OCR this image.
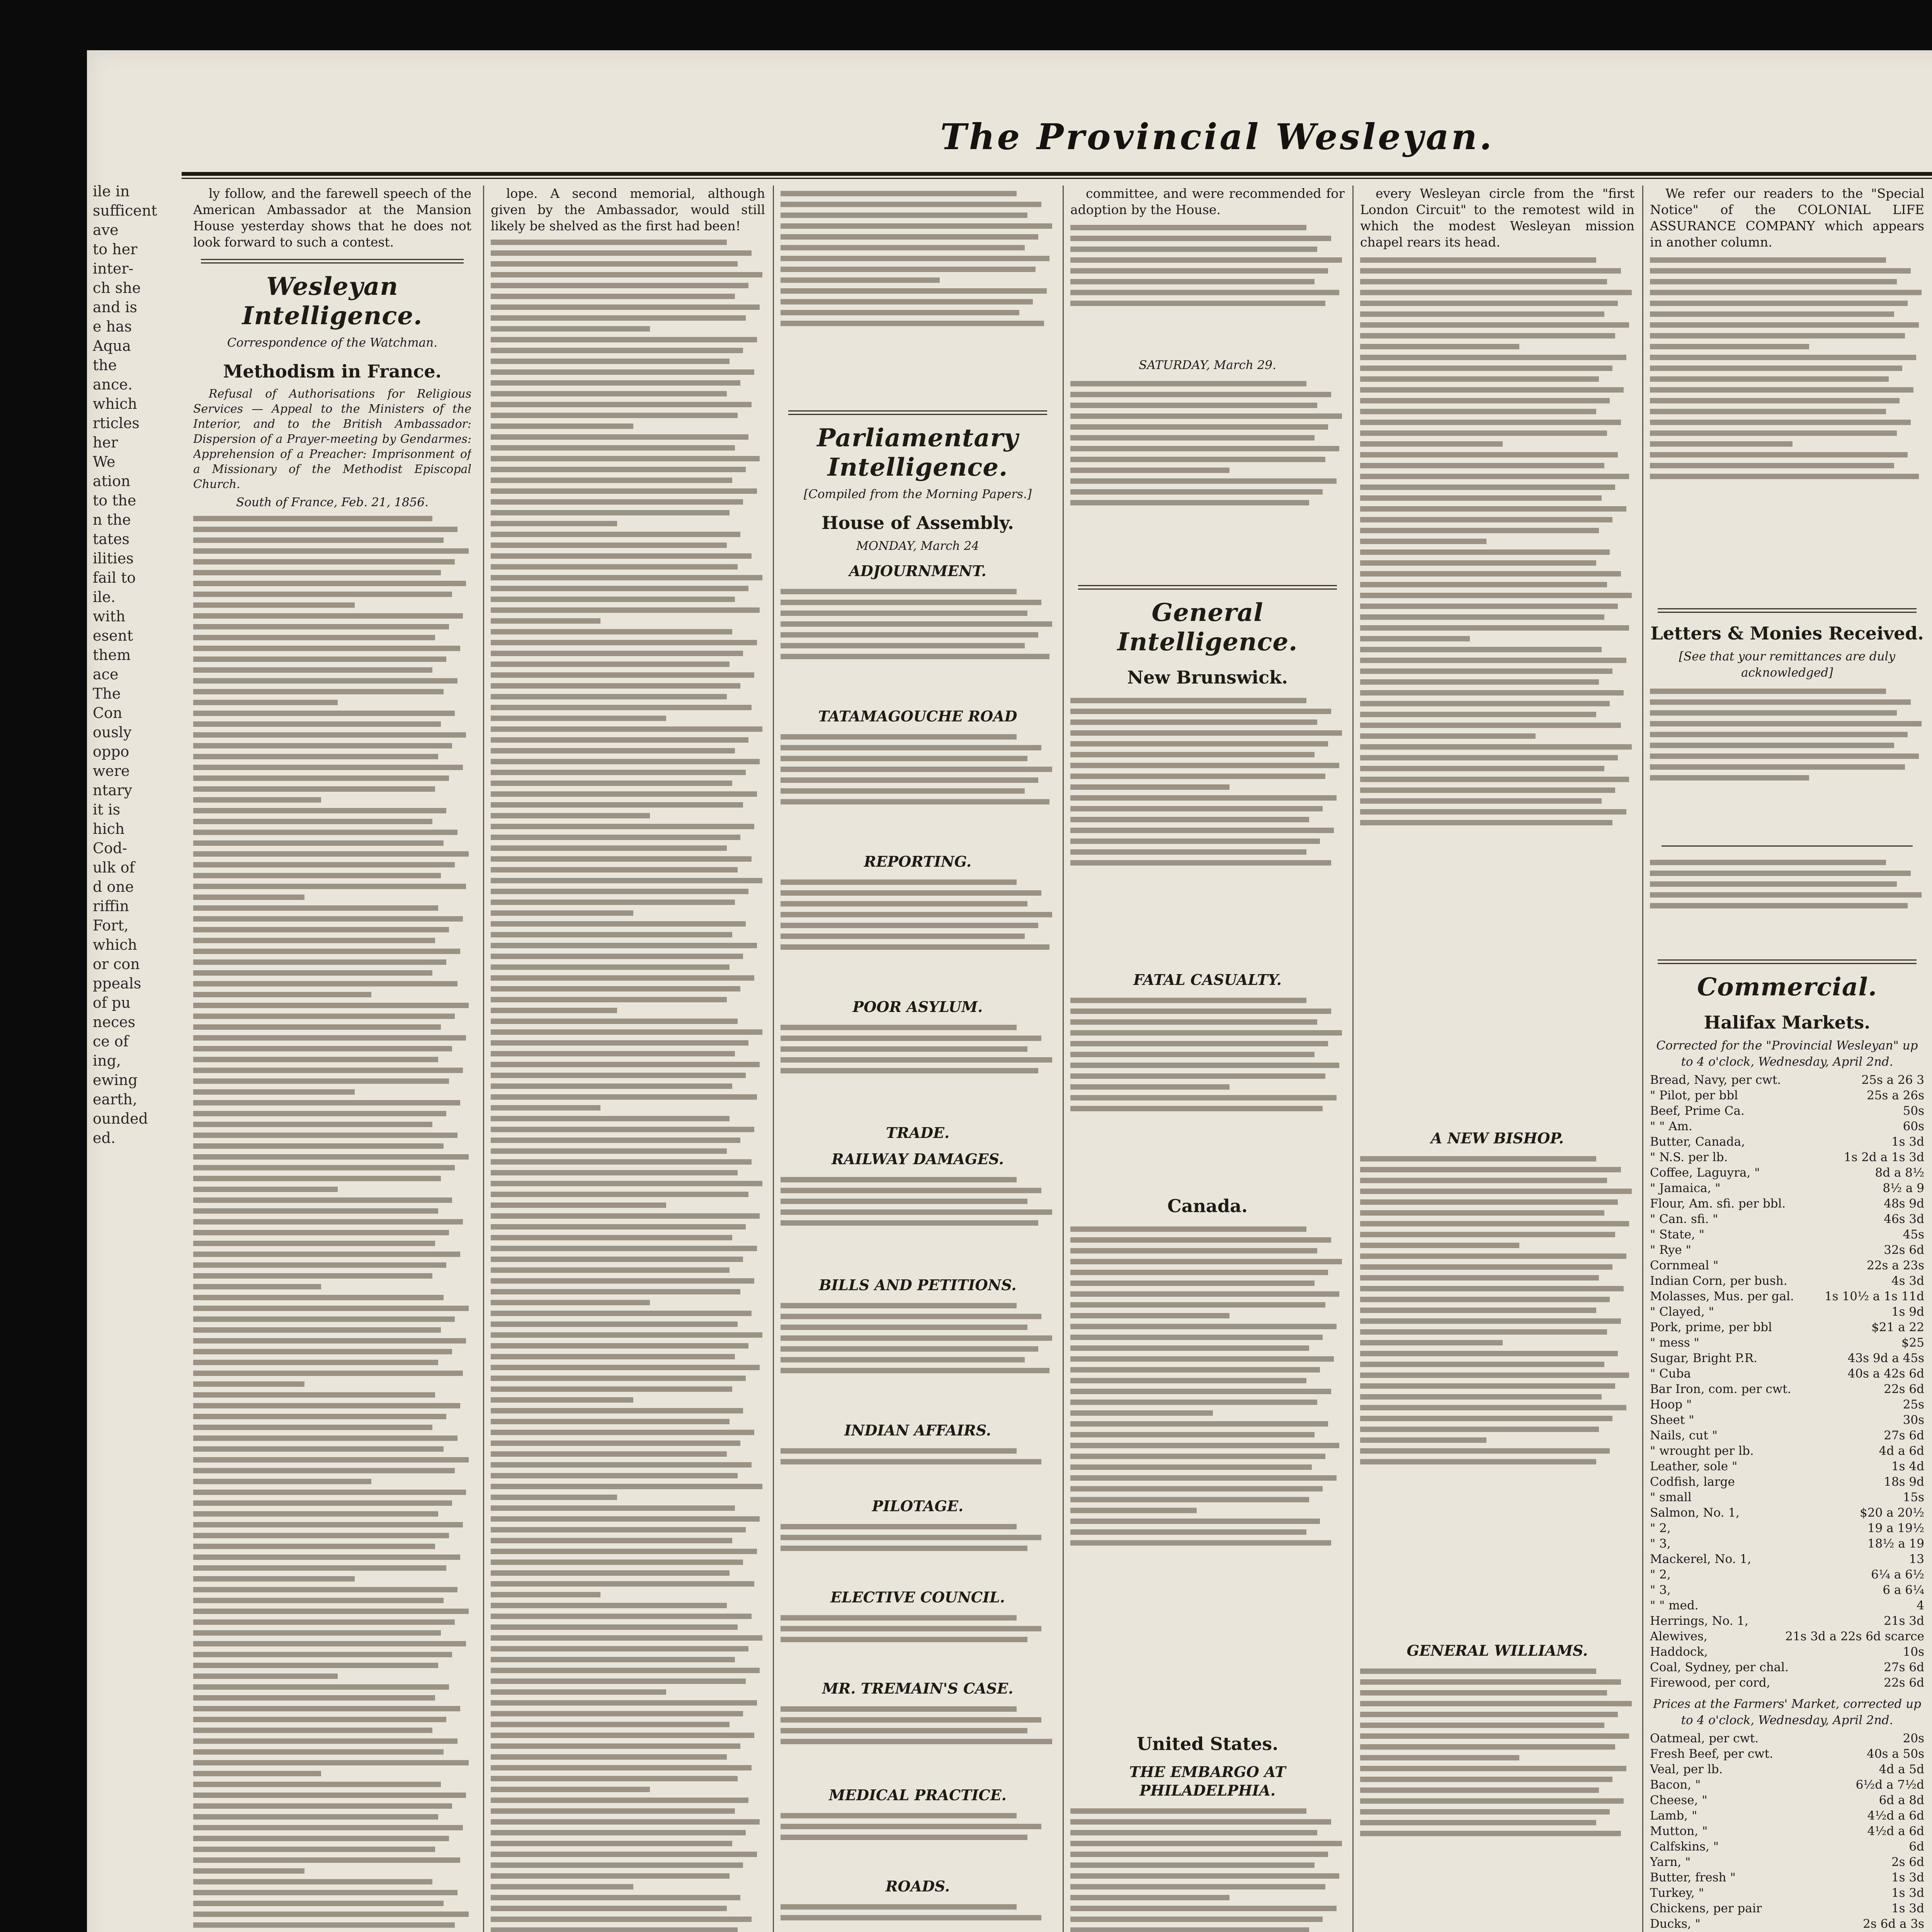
ile in
sufficent
ave
to her
inter-
ch she
and is
e has
Aqua
the
ance.
which
rticles
her
We
ation
to the
n the
tates
ilities
fail to
ile.
with
esent
them
ace
The
Con
ously
oppo
were
ntary
it is
hich
Cod-
ulk of
d one
riffin
Fort,
which
or con
ppeals
of pu
neces
ce of
ing,
ewing
earth,
ounded
ed.
The Provincial Wesleyan.

ly follow, and the farewell speech of the American Ambassador at the Mansion House yesterday shows that he does not look forward to such a contest.

Wesleyan Intelligence.
Correspondence of the Watchman.
Methodism in France.

Refusal of Authorisations for Religious Services — Appeal to the Ministers of the Interior, and to the British Ambassador: Dispersion of a Prayer-meeting by Gendarmes: Apprehension of a Preacher: Imprisonment of a Missionary of the Methodist Episcopal Church.

South of France, Feb. 21, 1856.

lope. A second memorial, although given by the Ambassador, would still likely be shelved as the first had been!

Parliamentary Intelligence.
[Compiled from the Morning Papers.]
House of Assembly.
MONDAY, March 24
ADJOURNMENT.
TATAMAGOUCHE ROAD
REPORTING.
POOR ASYLUM.
TRADE.
RAILWAY DAMAGES.
BILLS AND PETITIONS.
INDIAN AFFAIRS.
PILOTAGE.
ELECTIVE COUNCIL.
MR. TREMAIN'S CASE.
MEDICAL PRACTICE.
ROADS.

committee, and were recommended for adoption by the House.

SATURDAY, March 29.
General Intelligence.
New Brunswick.
FATAL CASUALTY.
Canada.
United States.
THE EMBARGO AT PHILADELPHIA.

every Wesleyan circle from the "first London Circuit" to the remotest wild in which the modest Wesleyan mission chapel rears its head.

A NEW BISHOP.
GENERAL WILLIAMS.

We refer our readers to the "Special Notice" of the COLONIAL LIFE ASSURANCE COMPANY which appears in another column.

Letters & Monies Received.
[See that your remittances are duly acknowledged]
Commercial.
Halifax Markets.
Corrected for the "Provincial Wesleyan" up to 4 o'clock, Wednesday, April 2nd.
Bread, Navy, per cwt.	25s a 26 3
" Pilot, per bbl	25s a 26s
Beef, Prime Ca.	50s
" " Am.	60s
Butter, Canada,	1s 3d
" N.S. per lb.	1s 2d a 1s 3d
Coffee, Laguyra, "	8d a 8½
" Jamaica, "	8½ a 9
Flour, Am. sfi. per bbl.	48s 9d
" Can. sfi. "	46s 3d
" State, "	45s
" Rye "	32s 6d
Cornmeal "	22s a 23s
Indian Corn, per bush.	4s 3d
Molasses, Mus. per gal.	1s 10½ a 1s 11d
" Clayed, "	1s 9d
Pork, prime, per bbl	$21 a 22
" mess "	$25
Sugar, Bright P.R.	43s 9d a 45s
" Cuba	40s a 42s 6d
Bar Iron, com. per cwt.	22s 6d
Hoop "	25s
Sheet "	30s
Nails, cut "	27s 6d
" wrought per lb.	4d a 6d
Leather, sole "	1s 4d
Codfish, large	18s 9d
" small	15s
Salmon, No. 1,	$20 a 20½
" 2,	19 a 19½
" 3,	18½ a 19
Mackerel, No. 1,	13
" 2,	6¼ a 6½
" 3,	6 a 6¼
" " med.	4
Herrings, No. 1,	21s 3d
Alewives,	21s 3d a 22s 6d scarce
Haddock,	10s
Coal, Sydney, per chal.	27s 6d
Firewood, per cord,	22s 6d
Prices at the Farmers' Market, corrected up to 4 o'clock, Wednesday, April 2nd.
Oatmeal, per cwt.	20s
Fresh Beef, per cwt.	40s a 50s
Veal, per lb.	4d a 5d
Bacon, "	6½d a 7½d
Cheese, "	6d a 8d
Lamb, "	4½d a 6d
Mutton, "	4½d a 6d
Calfskins, "	6d
Yarn, "	2s 6d
Butter, fresh "	1s 3d
Turkey, "	1s 3d
Chickens, per pair	1s 3d
Ducks, "	2s 6d a 3s
